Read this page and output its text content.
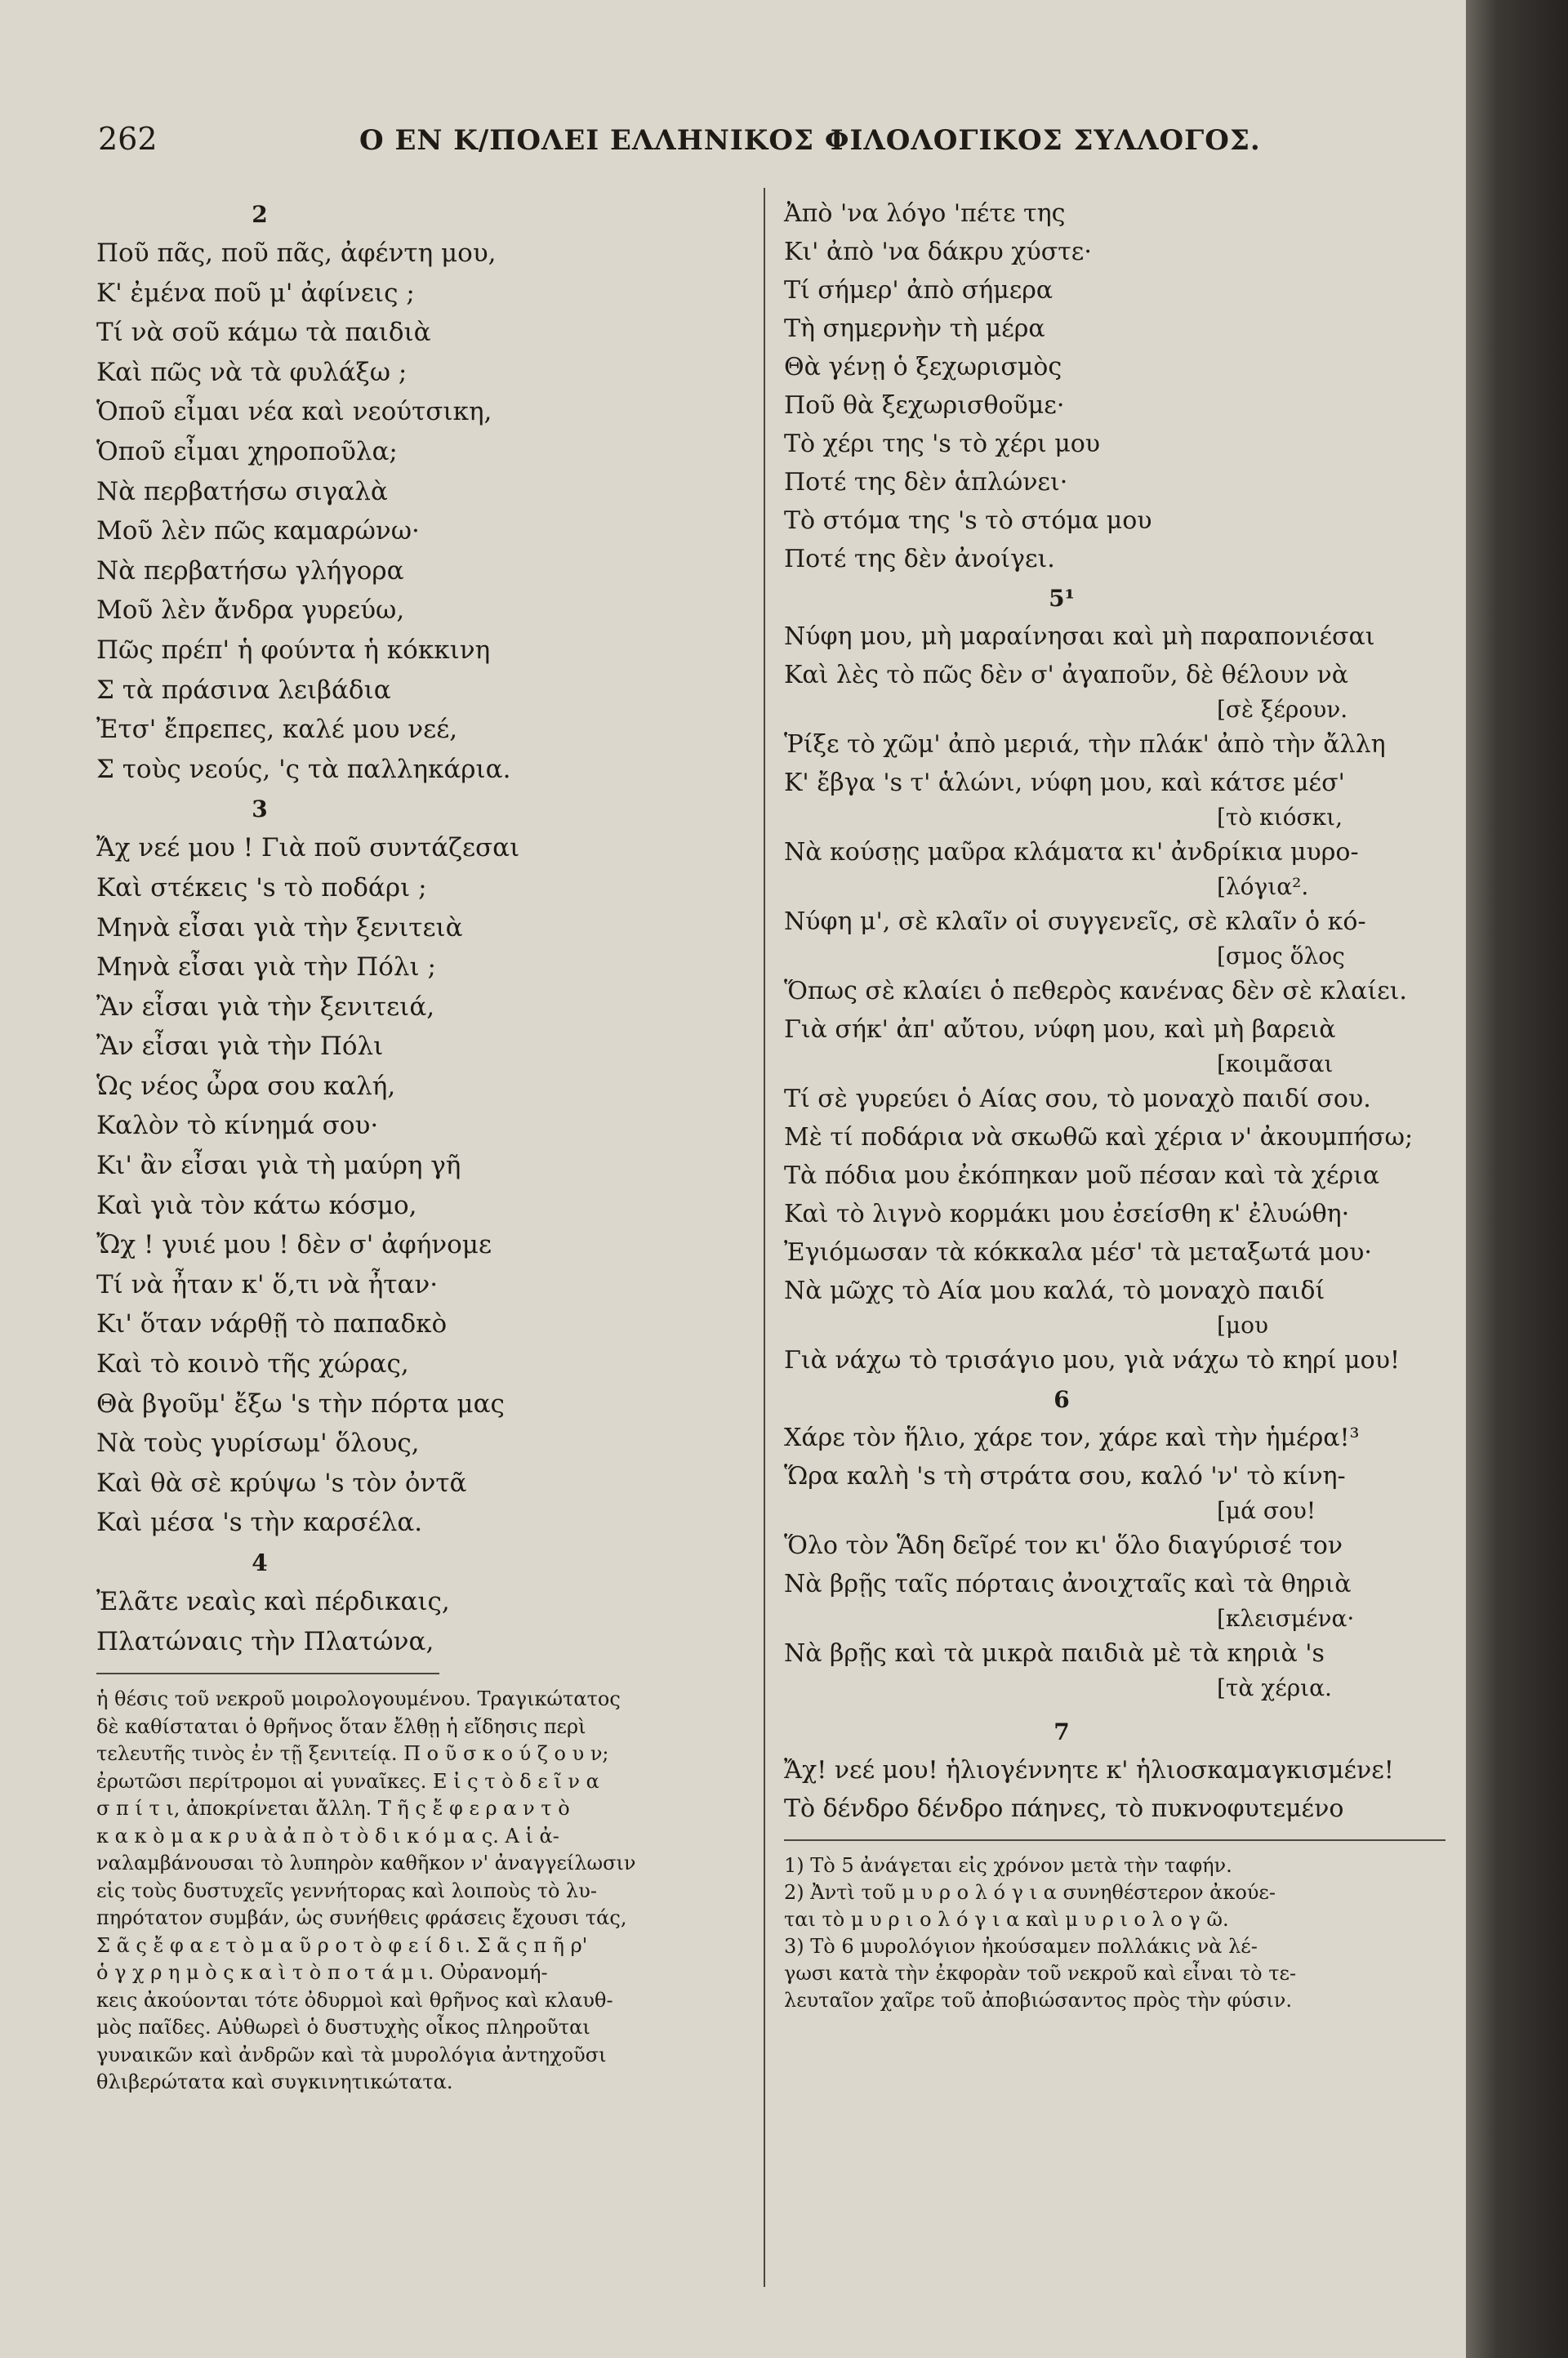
262	Ο ΕΝ Κ/ΠΟΛΕΙ ΕΛΛΗΝΙΚΟΣ ΦΙΛΟΛΟΓΙΚΟΣ ΣΥΛΛΟΓΟΣ.
2
Ποῦ πᾶς, ποῦ πᾶς, ἀφέντη μου,
Κ' ἐμένα ποῦ μ' ἀφίνεις ;
Τί νὰ σοῦ κάμω τὰ παιδιὰ
Καὶ πῶς νὰ τὰ φυλάξω ;
Ὁποῦ εἶμαι νέα καὶ νεούτσικη,
Ὁποῦ εἶμαι χηροποῦλα;
Νὰ περβατήσω σιγαλὰ
Μοῦ λὲν πῶς καμαρώνω·
Νὰ περβατήσω γλήγορα
Μοῦ λὲν ἄνδρα γυρεύω,
Πῶς πρέπ' ἡ φούντα ἡ κόκκινη
Σ τὰ πράσινα λειβάδια
Ἐτσ' ἔπρεπες, καλέ μου νεέ,
Σ τοὺς νεούς, 'ς τὰ παλληκάρια.
3
Ἄχ νεέ μου ! Γιὰ ποῦ συντάζεσαι
Καὶ στέκεις 's τὸ ποδάρι ;
Μηνὰ εἶσαι γιὰ τὴν ξενιτειὰ
Μηνὰ εἶσαι γιὰ τὴν Πόλι ;
Ἂν εἶσαι γιὰ τὴν ξενιτειά,
Ἂν εἶσαι γιὰ τὴν Πόλι
Ὡς νέος ὦρα σου καλή,
Καλὸν τὸ κίνημά σου·
Κι' ἂν εἶσαι γιὰ τὴ μαύρη γῆ
Καὶ γιὰ τὸν κάτω κόσμο,
Ὤχ ! γυιέ μου ! δὲν σ' ἀφήνομε
Τί νὰ ἦταν κ' ὅ,τι νὰ ἦταν·
Κι' ὅταν νάρθῇ τὸ παπαδκὸ
Καὶ τὸ κοινὸ τῆς χώρας,
Θὰ βγοῦμ' ἔξω 's τὴν πόρτα μας
Νὰ τοὺς γυρίσωμ' ὅλους,
Καὶ θὰ σὲ κρύψω 's τὸν ὀντᾶ
Καὶ μέσα 's τὴν καρσέλα.
4
Ἐλᾶτε νεαὶς καὶ πέρδικαις,
Πλατώναις τὴν Πλατώνα,
ἡ θέσις τοῦ νεκροῦ μοιρολογουμένου. Τραγικώτατος
δὲ καθίσταται ὁ θρῆνος ὅταν ἔλθῃ ἡ εἴδησις περὶ
τελευτῆς τινὸς ἐν τῇ ξενιτείᾳ. Π ο ῦ σ κ ο ύ ζ ο υ ν;
ἐρωτῶσι περίτρομοι αἱ γυναῖκες. Ε ἰ ς τ ὸ δ ε ῖ ν α
σ π ί τ ι, ἀποκρίνεται ἄλλη. Τ ῆ ς ἔ φ ε ρ α ν τ ὸ
κ α κ ὸ μ α κ ρ υ ὰ ἀ π ὸ τ ὸ δ ι κ ό μ α ς. Α ἱ ἀ-
ναλαμβάνουσαι τὸ λυπηρὸν καθῆκον ν' ἀναγγείλωσιν
εἰς τοὺς δυστυχεῖς γεννήτορας καὶ λοιποὺς τὸ λυ-
πηρότατον συμβάν, ὡς συνήθεις φράσεις ἔχουσι τάς,
Σ ᾶ ς ἔ φ α ε τ ὸ μ α ῦ ρ ο τ ὸ φ ε ί δ ι. Σ ᾶ ς π ῆ ρ'
ὁ γ χ ρ η μ ὸ ς κ α ὶ τ ὸ π ο τ ά μ ι. Οὐρανομή-
κεις ἀκούονται τότε ὀδυρμοὶ καὶ θρῆνος καὶ κλαυθ-
μὸς παῖδες. Αὐθωρεὶ ὁ δυστυχὴς οἶκος πληροῦται
γυναικῶν καὶ ἀνδρῶν καὶ τὰ μυρολόγια ἀντηχοῦσι
θλιβερώτατα καὶ συγκινητικώτατα.
Ἀπὸ 'να λόγο 'πέτε της
Κι' ἀπὸ 'να δάκρυ χύστε·
Τί σήμερ' ἀπὸ σήμερα
Τὴ σημερνὴν τὴ μέρα
Θὰ γένῃ ὁ ξεχωρισμὸς
Ποῦ θὰ ξεχωρισθοῦμε·
Τὸ χέρι της 's τὸ χέρι μου
Ποτέ της δὲν ἁπλώνει·
Τὸ στόμα της 's τὸ στόμα μου
Ποτέ της δὲν ἀνοίγει.
5¹
Νύφη μου, μὴ μαραίνησαι καὶ μὴ παραπονιέσαι
Καὶ λὲς τὸ πῶς δὲν σ' ἀγαποῦν, δὲ θέλουν νὰ
[σὲ ξέρουν.
Ῥίξε τὸ χῶμ' ἀπὸ μεριά, τὴν πλάκ' ἀπὸ τὴν ἄλλη
Κ' ἔβγα 's τ' ἁλώνι, νύφη μου, καὶ κάτσε μέσ'
[τὸ κιόσκι,
Νὰ κούσῃς μαῦρα κλάματα κι' ἀνδρίκια μυρο-
[λόγια².
Νύφη μ', σὲ κλαῖν οἱ συγγενεῖς, σὲ κλαῖν ὁ κό-
[σμος ὅλος
Ὅπως σὲ κλαίει ὁ πεθερὸς κανένας δὲν σὲ κλαίει.
Γιὰ σήκ' ἀπ' αὔτου, νύφη μου, καὶ μὴ βαρειὰ
[κοιμᾶσαι
Τί σὲ γυρεύει ὁ Αίας σου, τὸ μοναχὸ παιδί σου.
Μὲ τί ποδάρια νὰ σκωθῶ καὶ χέρια ν' ἀκουμπήσω;
Τὰ πόδια μου ἐκόπηκαν μοῦ πέσαν καὶ τὰ χέρια
Καὶ τὸ λιγνὸ κορμάκι μου ἐσείσθη κ' ἐλυώθη·
Ἐγιόμωσαν τὰ κόκκαλα μέσ' τὰ μεταξωτά μου·
Νὰ μῶχς τὸ Αία μου καλά, τὸ μοναχὸ παιδί
[μου
Γιὰ νάχω τὸ τρισάγιο μου, γιὰ νάχω τὸ κηρί μου!
6
Χάρε τὸν ἥλιο, χάρε τον, χάρε καὶ τὴν ἡμέρα!³
Ὥρα καλὴ 's τὴ στράτα σου, καλό 'ν' τὸ κίνη-
[μά σου!
Ὅλο τὸν Ἅδη δεῖρέ τον κι' ὅλο διαγύρισέ τον
Νὰ βρῇς ταῖς πόρταις ἀνοιχταῖς καὶ τὰ θηριὰ
[κλεισμένα·
Νὰ βρῇς καὶ τὰ μικρὰ παιδιὰ μὲ τὰ κηριὰ 's
[τὰ χέρια.
7
Ἄχ! νεέ μου! ἡλιογέννητε κ' ἡλιοσκαμαγκισμένε!
Τὸ δένδρο δένδρο πάηνες, τὸ πυκνοφυτεμένο
1) Τὸ 5 ἀνάγεται εἰς χρόνον μετὰ τὴν ταφήν.
2) Ἀντὶ τοῦ μ υ ρ ο λ ό γ ι α συνηθέστερον ἀκούε-
ται τὸ μ υ ρ ι ο λ ό γ ι α καὶ μ υ ρ ι ο λ ο γ ῶ.
3) Τὸ 6 μυρολόγιον ἠκούσαμεν πολλάκις νὰ λέ-
γωσι κατὰ τὴν ἐκφορὰν τοῦ νεκροῦ καὶ εἶναι τὸ τε-
λευταῖον χαῖρε τοῦ ἀποβιώσαντος πρὸς τὴν φύσιν.
